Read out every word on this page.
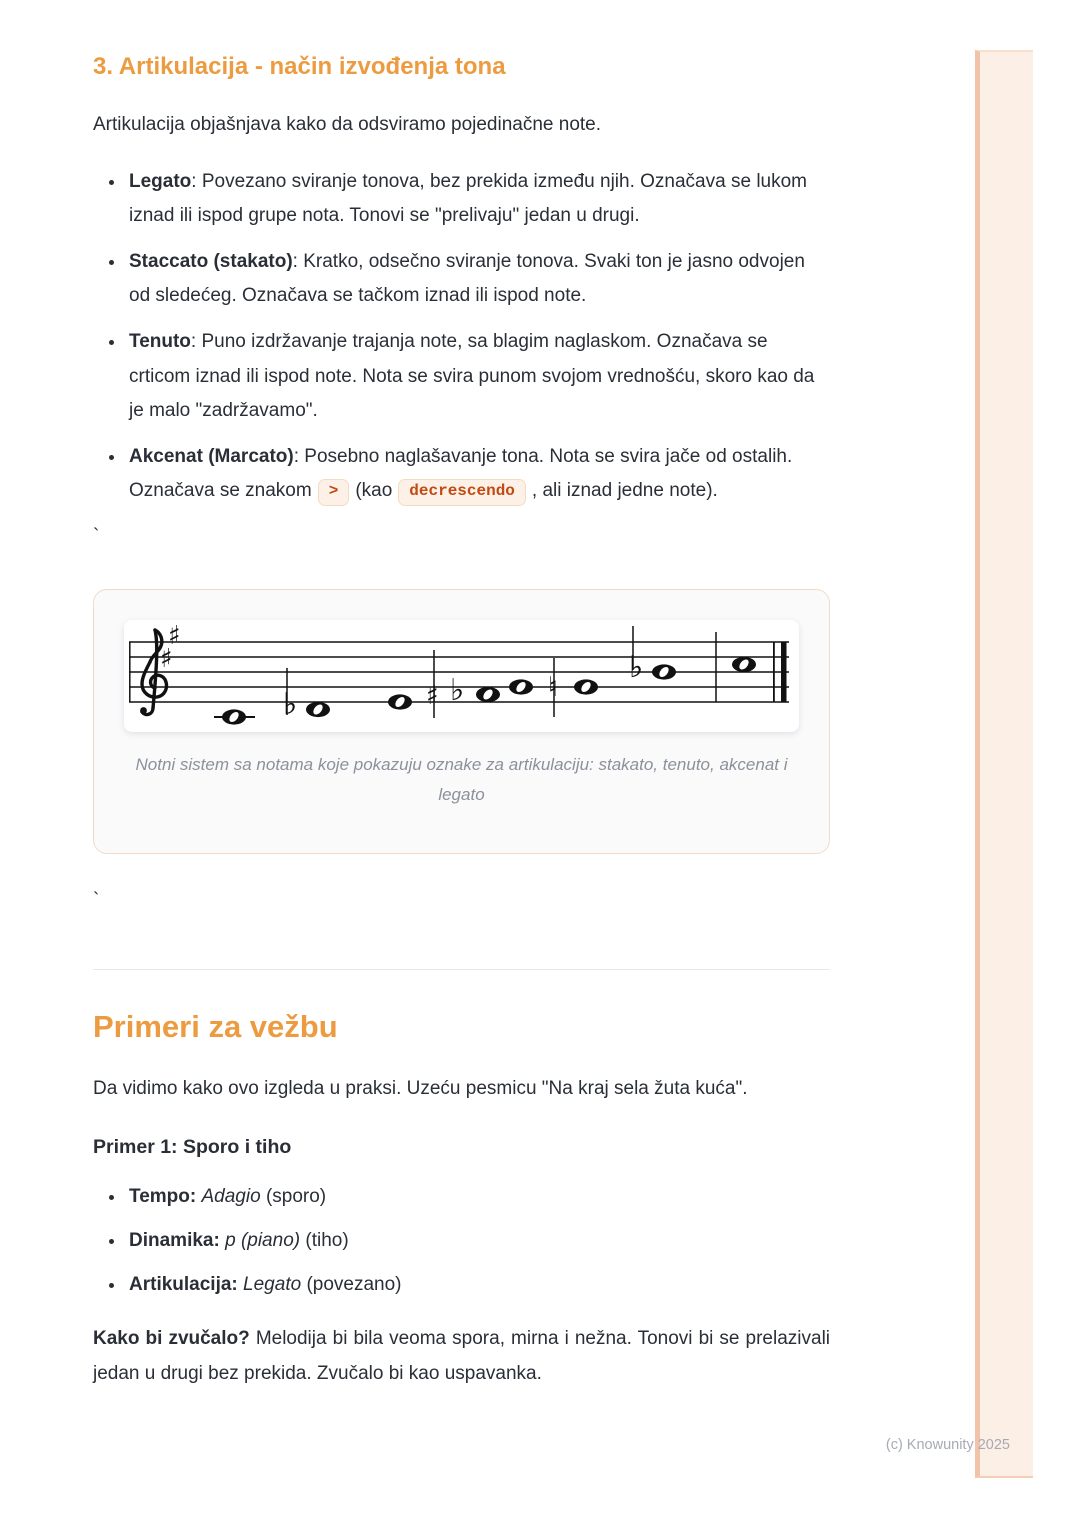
3. Artikulacija - način izvođenja tona

Artikulacija objašnjava kako da odsviramo pojedinačne note.

• Legato: Povezano sviranje tonova, bez prekida između njih. Označava se lukom iznad ili ispod grupe nota. Tonovi se "prelivaju" jedan u drugi.
• Staccato (stakato): Kratko, odsečno sviranje tonova. Svaki ton je jasno odvojen od sledećeg. Označava se tačkom iznad ili ispod note.
• Tenuto: Puno izdržavanje trajanja note, sa blagim naglaskom. Označava se crticom iznad ili ispod note. Nota se svira punom svojom vrednošću, skoro kao da je malo "zadržavamo".
• Akcenat (Marcato): Posebno naglašavanje tona. Nota se svira jače od ostalih. Označava se znakom > (kao decrescendo , ali iznad jedne note).

`

♯
♯
♭	♯ ♭	♮
♭
Notni sistem sa notama koje pokazuju oznake za artikulaciju: stakato, tenuto, akcenat i legato

`

Primeri za vežbu

Da vidimo kako ovo izgleda u praksi. Uzeću pesmicu "Na kraj sela žuta kuća".

Primer 1: Sporo i tiho

• Tempo: Adagio (sporo)
• Dinamika: p (piano) (tiho)
• Artikulacija: Legato (povezano)

Kako bi zvučalo? Melodija bi bila veoma spora, mirna i nežna. Tonovi bi se prelazivali jedan u drugi bez prekida. Zvučalo bi kao uspavanka.

(c) Knowunity 2025
